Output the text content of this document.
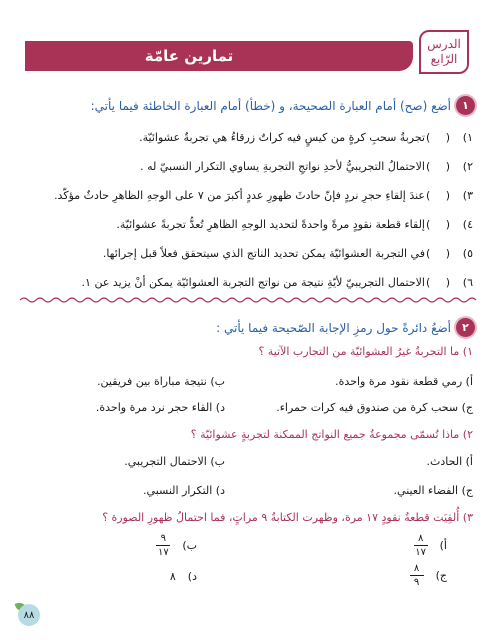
الدرس
الرّابع
تمارين عامّة
١
أضع (صح) أمام العبارة الصحيحة، و (خطأ) أمام العبارة الخاطئة فيما يأتي:
١)
( )
تجربةُ سحبِ كرةٍ من كيسٍ فيه كراتٌ زرقاءُ هي تجربةٌ عشوائيّة.
٢)
( )
الاحتمالُ التجريبيُّ لأحدِ نواتجِ التجربةِ يساوي التكرار النسبيّ له .
٣)
( )
عندَ إلقاءِ حجرِ نردٍ فإنّ حادثَ ظهورِ عددٍ أكبرَ من ٧ على الوجهِ الظاهرِ حادثٌ مؤكّد.
٤)
( )
إلقاء قطعة نقودٍ مرةً واحدةً لتحديد الوجهِ الظاهرِ تُعدُّ تجربةً عشوائيّة.
٥)
( )
في التجربة العشوائيّة يمكن تحديد الناتج الذي سيتحقق فعلاً قبل إجرائها.
٦)
( )
الاحتمال التجريبيّ لأيّةِ نتيجة من نواتج التجربة العشوائيّة يمكن أنْ يزيد عن ١.
٢
أضعُ دائرةً حول رمزِ الإجابة الصّحيحة فيما يأتي :
١) ما التجربةُ غيرُ العشوائيّة من التجارب الآتية ؟
أ) رمي قطعة نقود مرة واحدة.
ب) نتيجة مباراة بين فريقين.
ج) سحب كرة من صندوق فيه كرات حمراء.
د) القاء حجر نرد مرة واحدة.
٢) ماذا تُسمّى مجموعةُ جميع النواتج الممكنة لتجربةٍ عشوائيّة ؟
أ) الحادث.
ب) الاحتمال التجريبي.
ج) الفضاء العيني.
د) التكرار النسبي.
٣) أُلقِيَت قطعةُ نقودٍ ١٧ مرة، وظهرت الكتابةُ ٩ مراتٍ، فما احتمالُ ظهورِ الصورة ؟
أ)
$\frac{٨}{١٧}$
ب)
$\frac{٩}{١٧}$
ج)
$\frac{٨}{٩}$
د)
٨
٨٨
